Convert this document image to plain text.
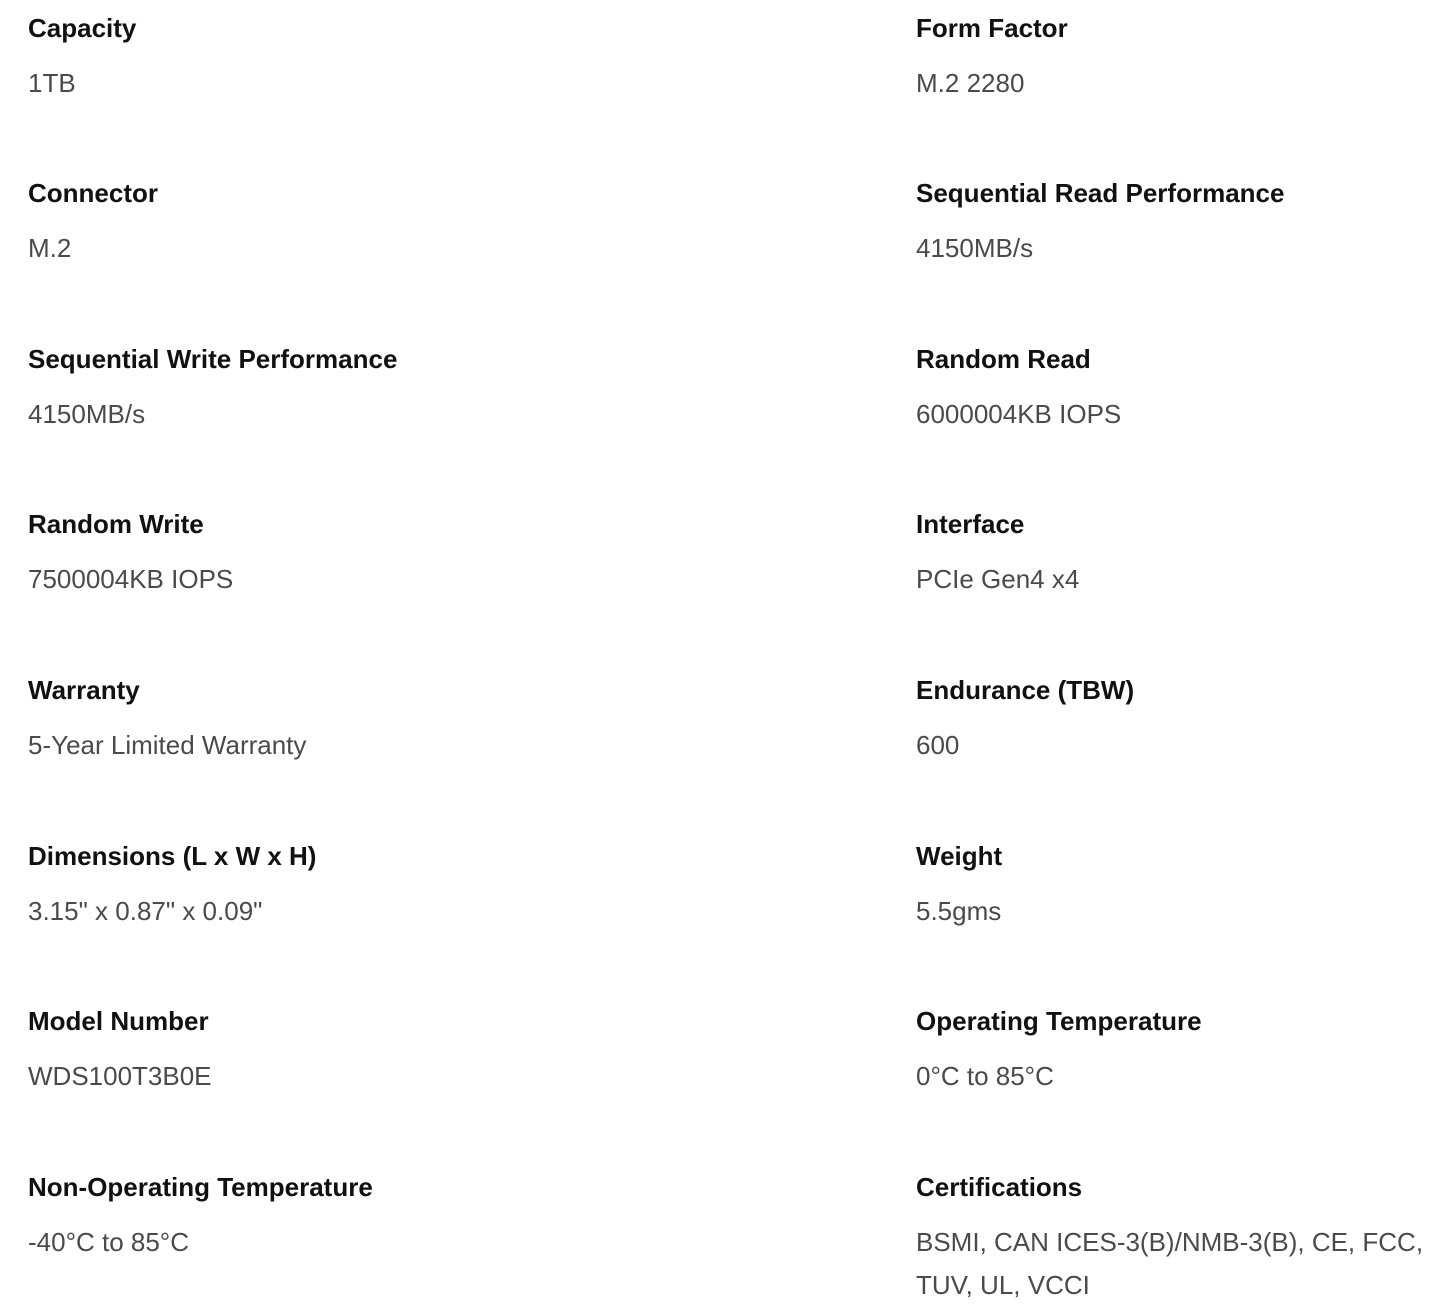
Capacity
1TB
Form Factor
M.2 2280
Connector
M.2
Sequential Read Performance
4150MB/s
Sequential Write Performance
4150MB/s
Random Read
6000004KB IOPS
Random Write
7500004KB IOPS
Interface
PCIe Gen4 x4
Warranty
5-Year Limited Warranty
Endurance (TBW)
600
Dimensions (L x W x H)
3.15" x 0.87" x 0.09"
Weight
5.5gms
Model Number
WDS100T3B0E
Operating Temperature
0°C to 85°C
Non-Operating Temperature
-40°C to 85°C
Certifications
BSMI, CAN ICES-3(B)/NMB-3(B), CE, FCC, TUV, UL, VCCI
